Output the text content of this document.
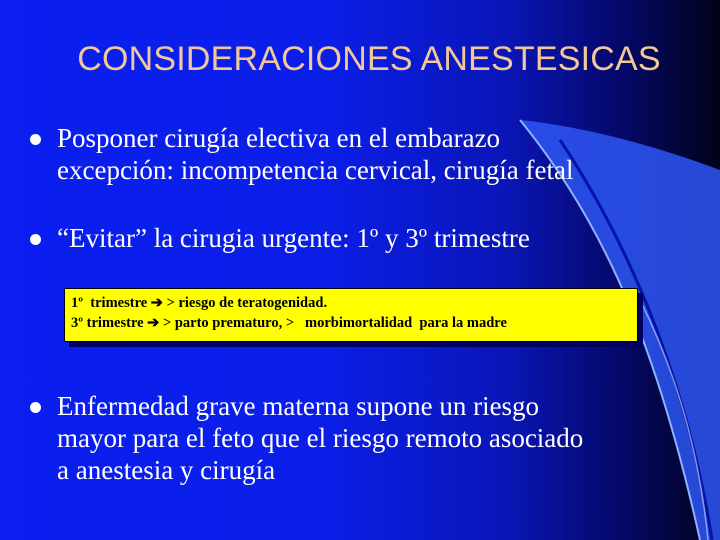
CONSIDERACIONES ANESTESICAS
Posponer cirugía electiva en el embarazo
excepción: incompetencia cervical, cirugía fetal
“Evitar” la cirugia urgente: 1º y 3º trimestre
1º  trimestre ➔ > riesgo de teratogenidad.
3º trimestre ➔ > parto prematuro, >   morbimortalidad  para la madre
Enfermedad grave materna supone un riesgo
mayor para el feto que el riesgo remoto asociado
a anestesia y cirugía
